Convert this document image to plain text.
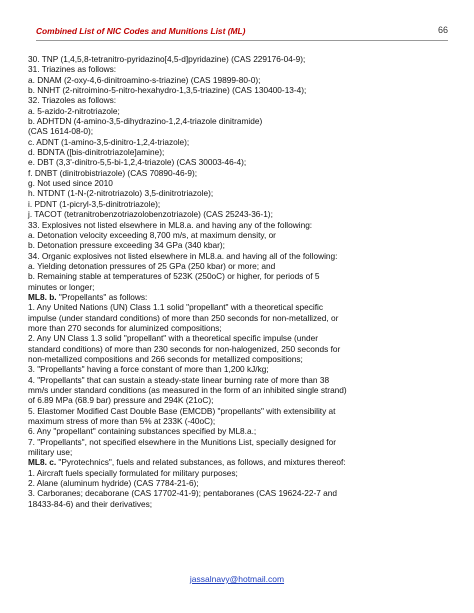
Combined List of NIC Codes and Munitions List (ML)	66
30. TNP (1,4,5,8-tetranitro-pyridazino[4,5-d]pyridazine) (CAS 229176-04-9);
31. Triazines as follows:
a. DNAM (2-oxy-4,6-dinitroamino-s-triazine) (CAS 19899-80-0);
b. NNHT (2-nitroimino-5-nitro-hexahydro-1,3,5-triazine) (CAS 130400-13-4);
32. Triazoles as follows:
a. 5-azido-2-nitrotriazole;
b. ADHTDN (4-amino-3,5-dihydrazino-1,2,4-triazole dinitramide)
(CAS 1614-08-0);
c. ADNT (1-amino-3,5-dinitro-1,2,4-triazole);
d. BDNTA ([bis-dinitrotriazole]amine);
e. DBT (3,3'-dinitro-5,5-bi-1,2,4-triazole) (CAS 30003-46-4);
f. DNBT (dinitrobistriazole) (CAS 70890-46-9);
g. Not used since 2010
h. NTDNT (1-N-(2-nitrotriazolo) 3,5-dinitrotriazole);
i. PDNT (1-picryl-3,5-dinitrotriazole);
j. TACOT (tetranitrobenzotriazolobenzotriazole) (CAS 25243-36-1);
33. Explosives not listed elsewhere in ML8.a. and having any of the following:
a. Detonation velocity exceeding 8,700 m/s, at maximum density, or
b. Detonation pressure exceeding 34 GPa (340 kbar);
34. Organic explosives not listed elsewhere in ML8.a. and having all of the following:
a. Yielding detonation pressures of 25 GPa (250 kbar) or more; and
b. Remaining stable at temperatures of 523K (250oC) or higher, for periods of 5
minutes or longer;
ML8. b. "Propellants" as follows:
1. Any United Nations (UN) Class 1.1 solid "propellant" with a theoretical specific
impulse (under standard conditions) of more than 250 seconds for non-metallized, or
more than 270 seconds for aluminized compositions;
2. Any UN Class 1.3 solid "propellant" with a theoretical specific impulse (under
standard conditions) of more than 230 seconds for non-halogenized, 250 seconds for
non-metallized compositions and 266 seconds for metallized compositions;
3. "Propellants" having a force constant of more than 1,200 kJ/kg;
4. "Propellants" that can sustain a steady-state linear burning rate of more than 38
mm/s under standard conditions (as measured in the form of an inhibited single strand)
of 6.89 MPa (68.9 bar) pressure and 294K (21oC);
5. Elastomer Modified Cast Double Base (EMCDB) "propellants" with extensibility at
maximum stress of more than 5% at 233K (-40oC);
6. Any "propellant" containing substances specified by ML8.a.;
7. "Propellants", not specified elsewhere in the Munitions List, specially designed for
military use;
ML8. c. "Pyrotechnics", fuels and related substances, as follows, and mixtures thereof:
1. Aircraft fuels specially formulated for military purposes;
2. Alane (aluminum hydride) (CAS 7784-21-6);
3. Carboranes; decaborane (CAS 17702-41-9); pentaboranes (CAS 19624-22-7 and
18433-84-6) and their derivatives;
jassalnavy@hotmail.com
